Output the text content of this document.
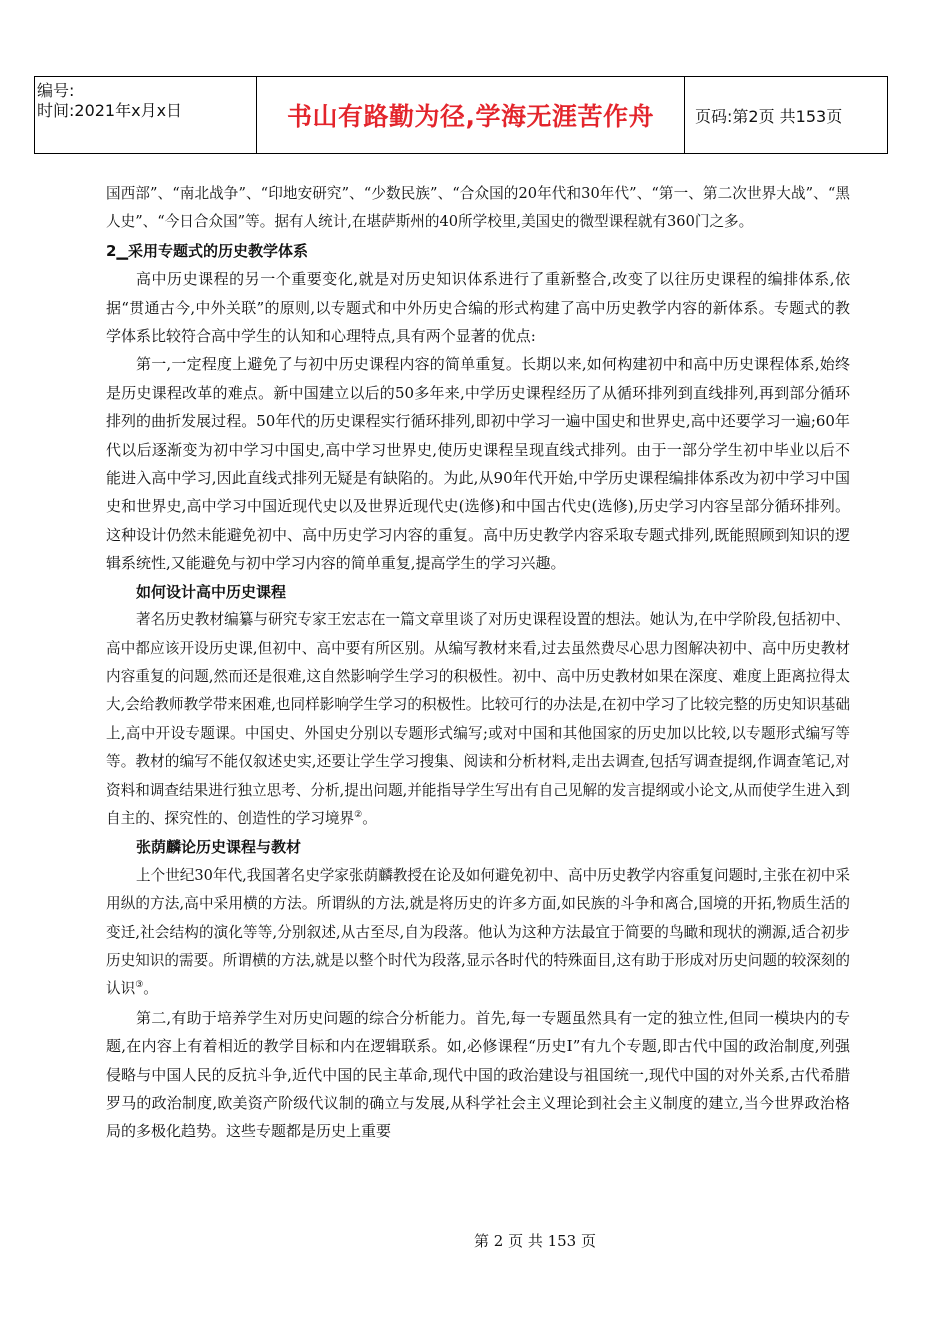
编号:
时间:2021年x月x日	书山有路勤为径,学海无涯苦作舟	页码:第2页 共153页

国西部”、“南北战争”、“印地安研究”、“少数民族”、“合众国的20年代和30年代”、“第一、第二次世界大战”、“黑人史”、“今日合众国”等。据有人统计,在堪萨斯州的40所学校里,美国史的微型课程就有360门之多。

2▁采用专题式的历史教学体系

高中历史课程的另一个重要变化,就是对历史知识体系进行了重新整合,改变了以往历史课程的编排体系,依据“贯通古今,中外关联”的原则,以专题式和中外历史合编的形式构建了高中历史教学内容的新体系。专题式的教学体系比较符合高中学生的认知和心理特点,具有两个显著的优点:

第一,一定程度上避免了与初中历史课程内容的简单重复。长期以来,如何构建初中和高中历史课程体系,始终是历史课程改革的难点。新中国建立以后的50多年来,中学历史课程经历了从循环排列到直线排列,再到部分循环排列的曲折发展过程。50年代的历史课程实行循环排列,即初中学习一遍中国史和世界史,高中还要学习一遍;60年代以后逐渐变为初中学习中国史,高中学习世界史,使历史课程呈现直线式排列。由于一部分学生初中毕业以后不能进入高中学习,因此直线式排列无疑是有缺陷的。为此,从90年代开始,中学历史课程编排体系改为初中学习中国史和世界史,高中学习中国近现代史以及世界近现代史(选修)和中国古代史(选修),历史学习内容呈部分循环排列。这种设计仍然未能避免初中、高中历史学习内容的重复。高中历史教学内容采取专题式排列,既能照顾到知识的逻辑系统性,又能避免与初中学习内容的简单重复,提高学生的学习兴趣。

如何设计高中历史课程

著名历史教材编纂与研究专家王宏志在一篇文章里谈了对历史课程设置的想法。她认为,在中学阶段,包括初中、高中都应该开设历史课,但初中、高中要有所区别。从编写教材来看,过去虽然费尽心思力图解决初中、高中历史教材内容重复的问题,然而还是很难,这自然影响学生学习的积极性。初中、高中历史教材如果在深度、难度上距离拉得太大,会给教师教学带来困难,也同样影响学生学习的积极性。比较可行的办法是,在初中学习了比较完整的历史知识基础上,高中开设专题课。中国史、外国史分别以专题形式编写;或对中国和其他国家的历史加以比较,以专题形式编写等等。教材的编写不能仅叙述史实,还要让学生学习搜集、阅读和分析材料,走出去调查,包括写调查提纲,作调查笔记,对资料和调查结果进行独立思考、分析,提出问题,并能指导学生写出有自己见解的发言提纲或小论文,从而使学生进入到自主的、探究性的、创造性的学习境界②。

张荫麟论历史课程与教材

上个世纪30年代,我国著名史学家张荫麟教授在论及如何避免初中、高中历史教学内容重复问题时,主张在初中采用纵的方法,高中采用横的方法。所谓纵的方法,就是将历史的许多方面,如民族的斗争和离合,国境的开拓,物质生活的变迁,社会结构的演化等等,分别叙述,从古至尽,自为段落。他认为这种方法最宜于简要的鸟瞰和现状的溯源,适合初步历史知识的需要。所谓横的方法,就是以整个时代为段落,显示各时代的特殊面目,这有助于形成对历史问题的较深刻的认识③。

第二,有助于培养学生对历史问题的综合分析能力。首先,每一专题虽然具有一定的独立性,但同一模块内的专题,在内容上有着相近的教学目标和内在逻辑联系。如,必修课程“历史Ⅰ”有九个专题,即古代中国的政治制度,列强侵略与中国人民的反抗斗争,近代中国的民主革命,现代中国的政治建设与祖国统一,现代中国的对外关系,古代希腊罗马的政治制度,欧美资产阶级代议制的确立与发展,从科学社会主义理论到社会主义制度的建立,当今世界政治格局的多极化趋势。这些专题都是历史上重要

第 2 页 共 153 页
